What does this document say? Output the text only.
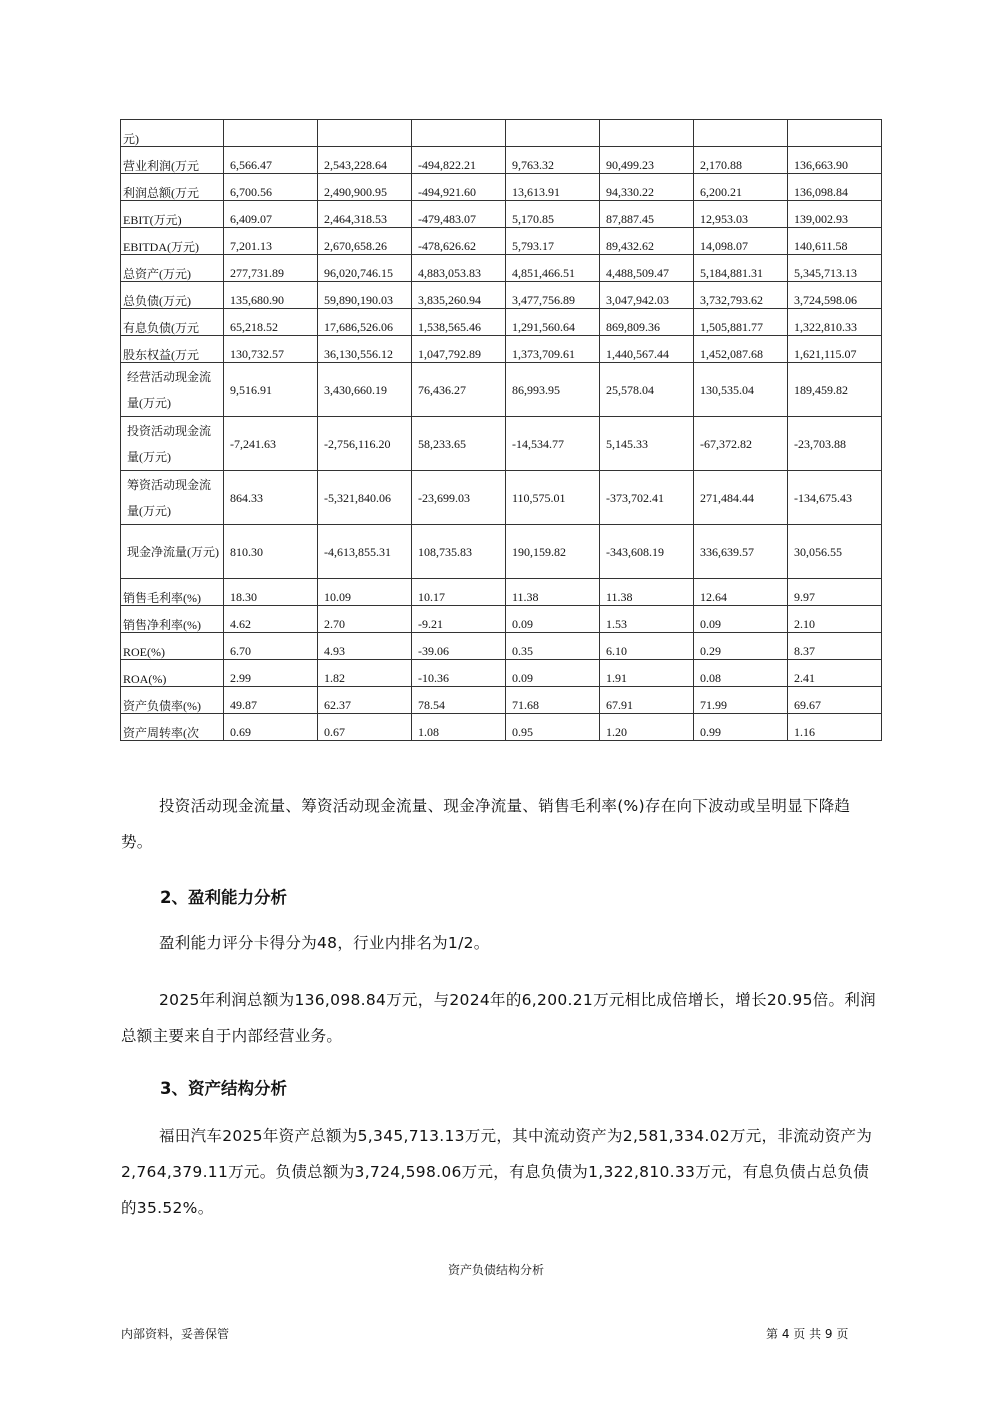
元)							
营业利润(万元	6,566.47	2,543,228.64	-494,822.21	9,763.32	90,499.23	2,170.88	136,663.90
利润总额(万元	6,700.56	2,490,900.95	-494,921.60	13,613.91	94,330.22	6,200.21	136,098.84
EBIT(万元)	6,409.07	2,464,318.53	-479,483.07	5,170.85	87,887.45	12,953.03	139,002.93
EBITDA(万元)	7,201.13	2,670,658.26	-478,626.62	5,793.17	89,432.62	14,098.07	140,611.58
总资产(万元)	277,731.89	96,020,746.15	4,883,053.83	4,851,466.51	4,488,509.47	5,184,881.31	5,345,713.13
总负债(万元)	135,680.90	59,890,190.03	3,835,260.94	3,477,756.89	3,047,942.03	3,732,793.62	3,724,598.06
有息负债(万元	65,218.52	17,686,526.06	1,538,565.46	1,291,560.64	869,809.36	1,505,881.77	1,322,810.33
股东权益(万元	130,732.57	36,130,556.12	1,047,792.89	1,373,709.61	1,440,567.44	1,452,087.68	1,621,115.07
经营活动现金流量(万元)	9,516.91	3,430,660.19	76,436.27	86,993.95	25,578.04	130,535.04	189,459.82
投资活动现金流量(万元)	-7,241.63	-2,756,116.20	58,233.65	-14,534.77	5,145.33	-67,372.82	-23,703.88
筹资活动现金流量(万元)	864.33	-5,321,840.06	-23,699.03	110,575.01	-373,702.41	271,484.44	-134,675.43
现金净流量(万元)	810.30	-4,613,855.31	108,735.83	190,159.82	-343,608.19	336,639.57	30,056.55
销售毛利率(%)	18.30	10.09	10.17	11.38	11.38	12.64	9.97
销售净利率(%)	4.62	2.70	-9.21	0.09	1.53	0.09	2.10
ROE(%)	6.70	4.93	-39.06	0.35	6.10	0.29	8.37
ROA(%)	2.99	1.82	-10.36	0.09	1.91	0.08	2.41
资产负债率(%)	49.87	62.37	78.54	71.68	67.91	71.99	69.67
资产周转率(次	0.69	0.67	1.08	0.95	1.20	0.99	1.16
投资活动现金流量、筹资活动现金流量、现金净流量、销售毛利率(%)存在向下波动或呈明显下降趋势。
2、盈利能力分析
盈利能力评分卡得分为48，行业内排名为1/2。
2025年利润总额为136,098.84万元，与2024年的6,200.21万元相比成倍增长，增长20.95倍。利润总额主要来自于内部经营业务。
3、资产结构分析
福田汽车2025年资产总额为5,345,713.13万元，其中流动资产为2,581,334.02万元，非流动资产为2,764,379.11万元。负债总额为3,724,598.06万元，有息负债为1,322,810.33万元，有息负债占总负债的35.52%。
资产负债结构分析
内部资料，妥善保管	第 4 页 共 9 页
